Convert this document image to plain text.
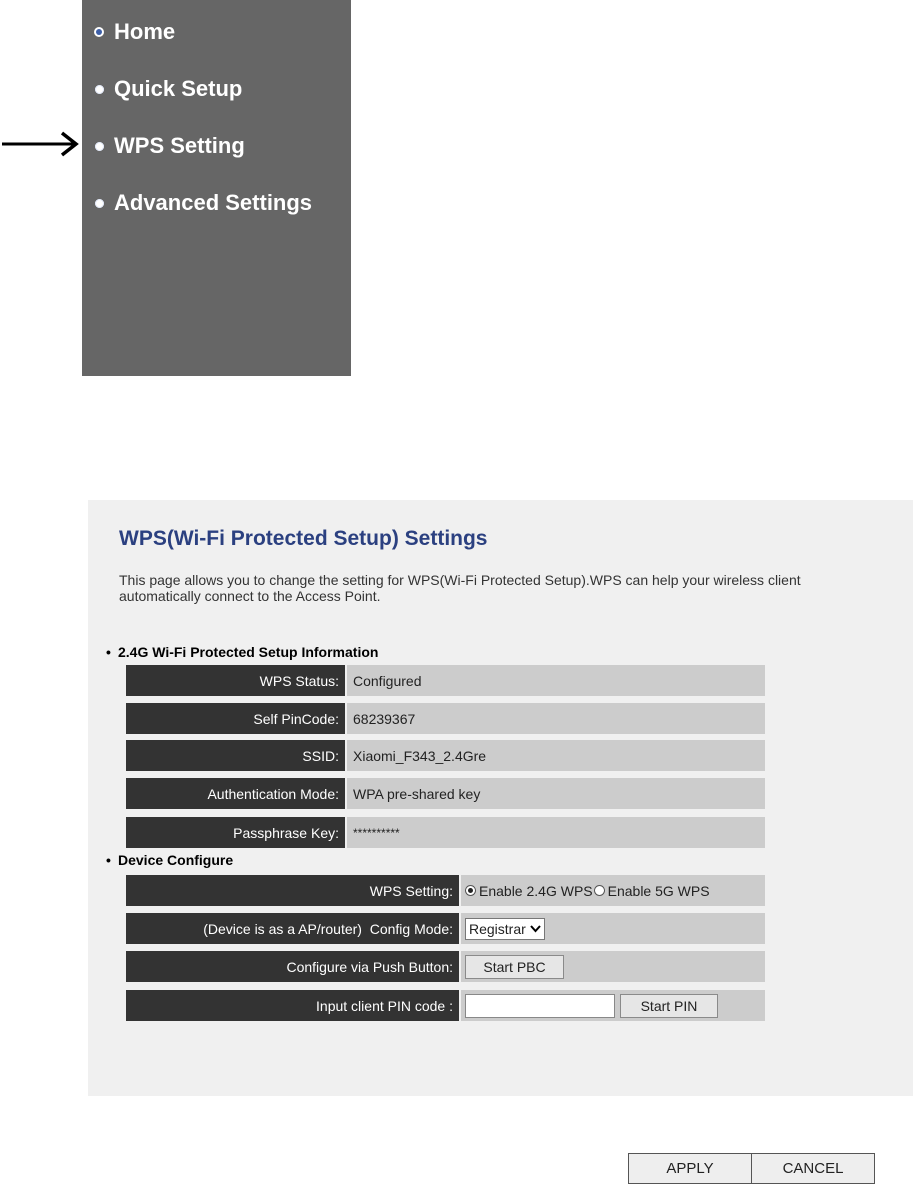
Home
Quick Setup
WPS Setting
Advanced Settings
WPS(Wi-Fi Protected Setup) Settings
This page allows you to change the setting for WPS(Wi-Fi Protected Setup).WPS can help your wireless client automatically connect to the Access Point.
• 2.4G Wi-Fi Protected Setup Information
WPS Status:	Configured
Self PinCode:	68239367
SSID:	Xiaomi_F343_2.4Gre
Authentication Mode:	WPA pre-shared key
Passphrase Key:	**********
• Device Configure
WPS Setting:	Enable 2.4G WPS Enable 5G WPS
(Device is as a AP/router)  Config Mode:	Registrar
Configure via Push Button:	Start PBC
Input client PIN code :	Start PIN
APPLY	CANCEL
